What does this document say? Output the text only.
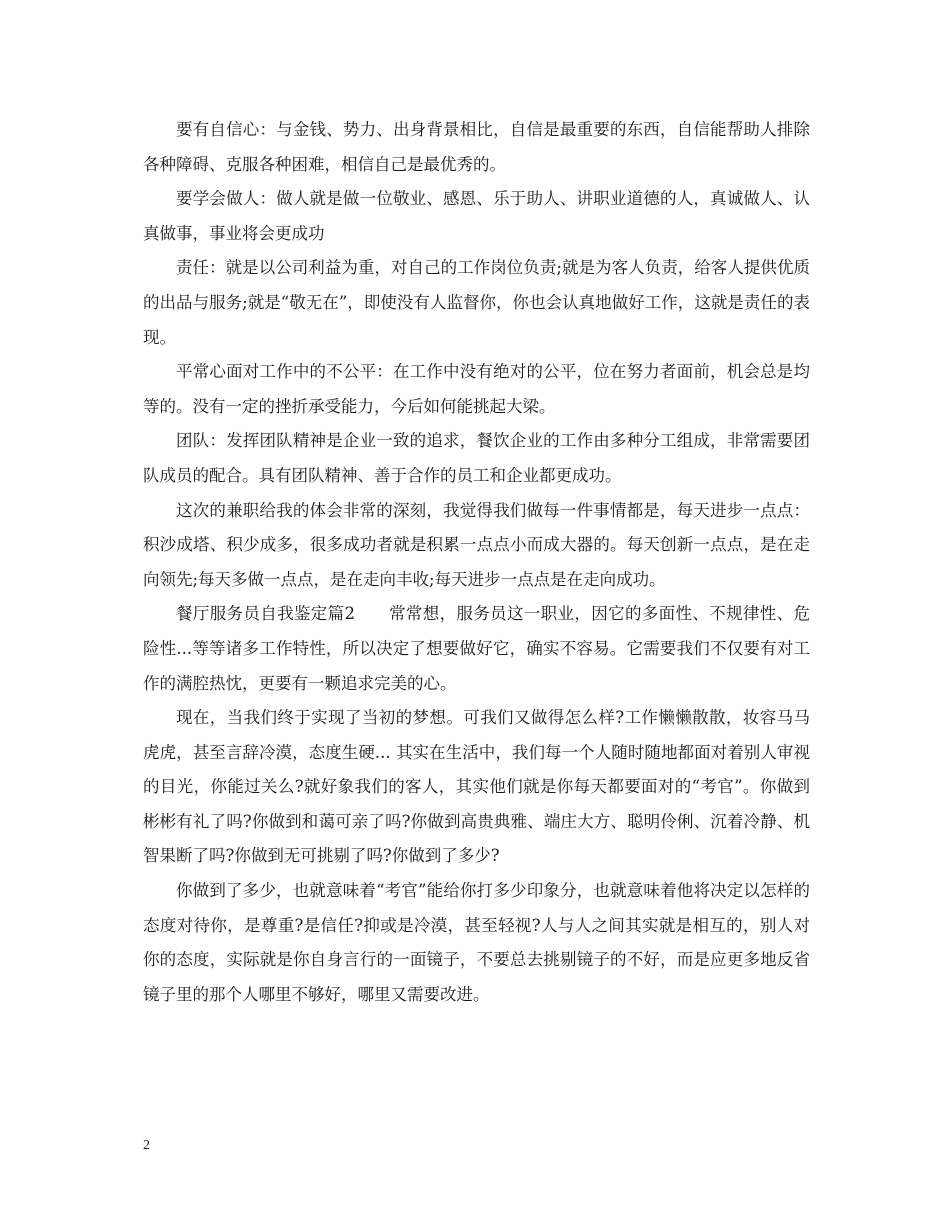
要有自信心：与金钱、势力、出身背景相比，自信是最重要的东西，自信能帮助人排除各种障碍、克服各种困难，相信自己是最优秀的。

要学会做人：做人就是做一位敬业、感恩、乐于助人、讲职业道德的人，真诚做人、认真做事，事业将会更成功

责任：就是以公司利益为重，对自己的工作岗位负责;就是为客人负责，给客人提供优质的出品与服务;就是“敬无在”，即使没有人监督你，你也会认真地做好工作，这就是责任的表现。

平常心面对工作中的不公平：在工作中没有绝对的公平，位在努力者面前，机会总是均等的。没有一定的挫折承受能力，今后如何能挑起大梁。

团队：发挥团队精神是企业一致的追求，餐饮企业的工作由多种分工组成，非常需要团队成员的配合。具有团队精神、善于合作的员工和企业都更成功。

这次的兼职给我的体会非常的深刻，我觉得我们做每一件事情都是，每天进步一点点：积沙成塔、积少成多，很多成功者就是积累一点点小而成大器的。每天创新一点点，是在走向领先;每天多做一点点，是在走向丰收;每天进步一点点是在走向成功。

餐厅服务员自我鉴定篇2　　常常想，服务员这一职业，因它的多面性、不规律性、危险性...等等诸多工作特性，所以决定了想要做好它，确实不容易。它需要我们不仅要有对工作的满腔热忱，更要有一颗追求完美的心。

现在，当我们终于实现了当初的梦想。可我们又做得怎么样?工作懒懒散散，妆容马马虎虎，甚至言辞冷漠，态度生硬... 其实在生活中，我们每一个人随时随地都面对着别人审视的目光，你能过关么?就好象我们的客人，其实他们就是你每天都要面对的“考官”。你做到彬彬有礼了吗?你做到和蔼可亲了吗?你做到高贵典雅、端庄大方、聪明伶俐、沉着冷静、机智果断了吗?你做到无可挑剔了吗?你做到了多少?

你做到了多少，也就意味着“考官”能给你打多少印象分，也就意味着他将决定以怎样的态度对待你，是尊重?是信任?抑或是冷漠，甚至轻视?人与人之间其实就是相互的，别人对你的态度，实际就是你自身言行的一面镜子，不要总去挑剔镜子的不好，而是应更多地反省镜子里的那个人哪里不够好，哪里又需要改进。

2
